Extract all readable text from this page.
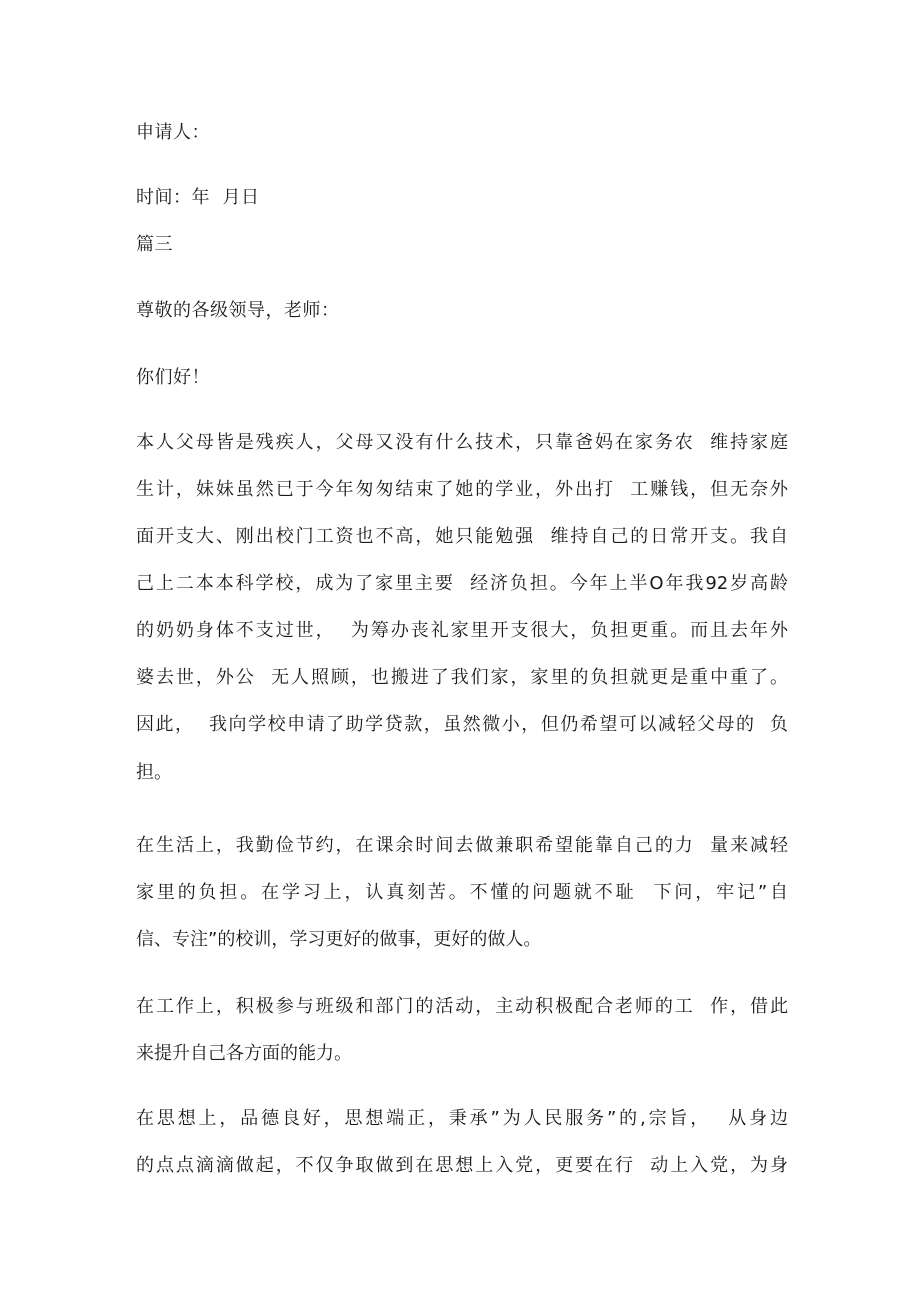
申请人：
时间：年  月日
篇三
尊敬的各级领导，老师：
你们好！
本人父母皆是残疾人，父母又没有什么技术，只靠爸妈在家务农  维持家庭
生计，妹妹虽然已于今年匆匆结束了她的学业，外出打  工赚钱，但无奈外
面开支大、刚出校门工资也不高，她只能勉强  维持自己的日常开支。我自
己上二本本科学校，成为了家里主要  经济负担。今年上半O年我92岁高龄
的奶奶身体不支过世，  为筹办丧礼家里开支很大，负担更重。而且去年外
婆去世，外公  无人照顾，也搬进了我们家，家里的负担就更是重中重了。
因此，  我向学校申请了助学贷款，虽然微小，但仍希望可以减轻父母的  负
担。
在生活上，我勤俭节约，在课余时间去做兼职希望能靠自己的力  量来减轻
家里的负担。在学习上，认真刻苦。不懂的问题就不耻  下问，牢记”自
信、专注”的校训，学习更好的做事，更好的做人。
在工作上，积极参与班级和部门的活动，主动积极配合老师的工  作，借此
来提升自己各方面的能力。
在思想上，品德良好，思想端正，秉承”为人民服务”的,宗旨，  从身边
的点点滴滴做起，不仅争取做到在思想上入党，更要在行  动上入党，为身
